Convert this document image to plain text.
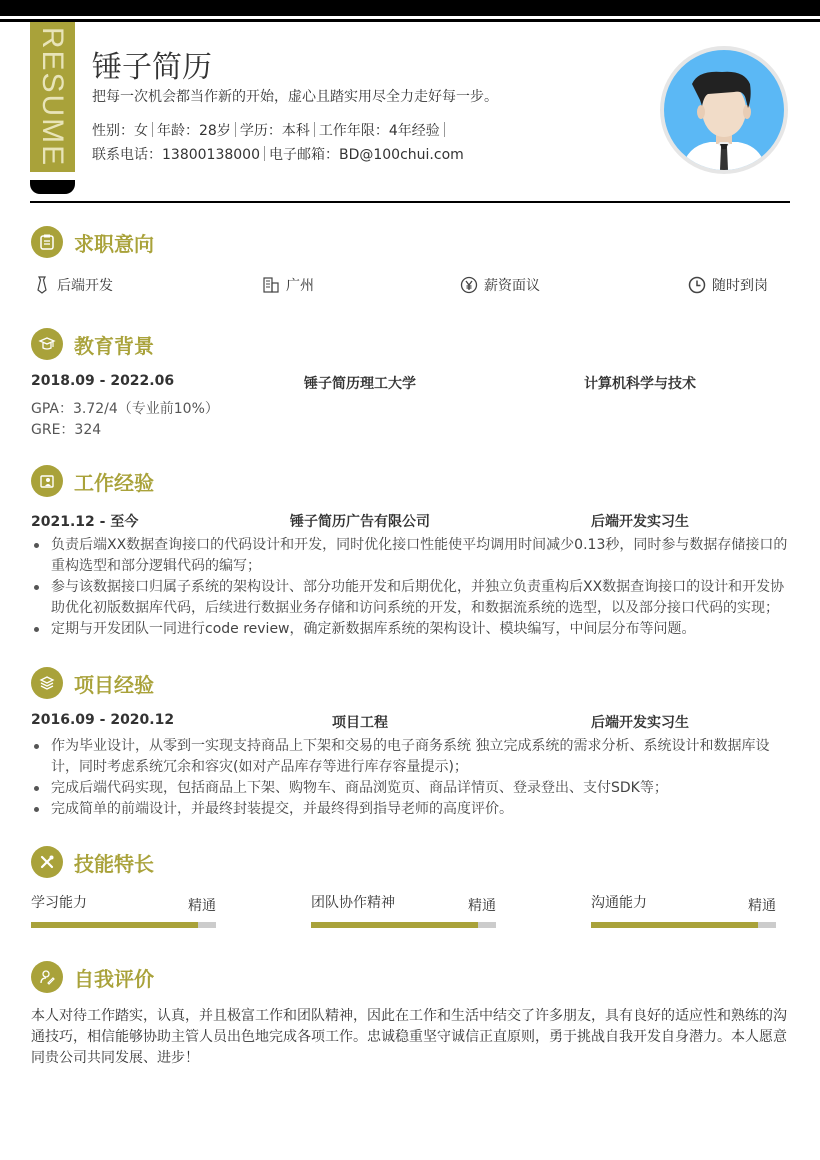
RESUME 锤子简历
把每一次机会都当作新的开始，虚心且踏实用尽全力走好每一步。
性别：女 年龄：28岁 学历：本科 工作年限：4年经验
联系电话：13800138000 电子邮箱：BD@100chui.com
求职意向
后端开发	广州	薪资面议	随时到岗
教育背景
2018.09 - 2022.06	锤子简历理工大学	计算机科学与技术
GPA：3.72/4（专业前10%）
GRE：324
工作经验
2021.12 - 至今	锤子简历广告有限公司	后端开发实习生
负责后端XX数据查询接口的代码设计和开发，同时优化接口性能使平均调用时间减少0.13秒，同时参与数据存储接口的重构选型和部分逻辑代码的编写；
参与该数据接口归属子系统的架构设计、部分功能开发和后期优化，并独立负责重构后XX数据查询接口的设计和开发协助优化初版数据库代码，后续进行数据业务存储和访问系统的开发，和数据流系统的选型，以及部分接口代码的实现；
定期与开发团队一同进行code review，确定新数据库系统的架构设计、模块编写，中间层分布等问题。
项目经验
2016.09 - 2020.12	项目工程	后端开发实习生
作为毕业设计，从零到一实现支持商品上下架和交易的电子商务系统 独立完成系统的需求分析、系统设计和数据库设计，同时考虑系统冗余和容灾(如对产品库存等进行库存容量提示)；
完成后端代码实现，包括商品上下架、购物车、商品浏览页、商品详情页、登录登出、支付SDK等；
完成简单的前端设计，并最终封装提交，并最终得到指导老师的高度评价。
技能特长
学习能力	精通	团队协作精神	精通	沟通能力	精通
自我评价
本人对待工作踏实，认真，并且极富工作和团队精神，因此在工作和生活中结交了许多朋友，具有良好的适应性和熟练的沟通技巧，相信能够协助主管人员出色地完成各项工作。忠诚稳重坚守诚信正直原则，勇于挑战自我开发自身潜力。本人愿意同贵公司共同发展、进步！
